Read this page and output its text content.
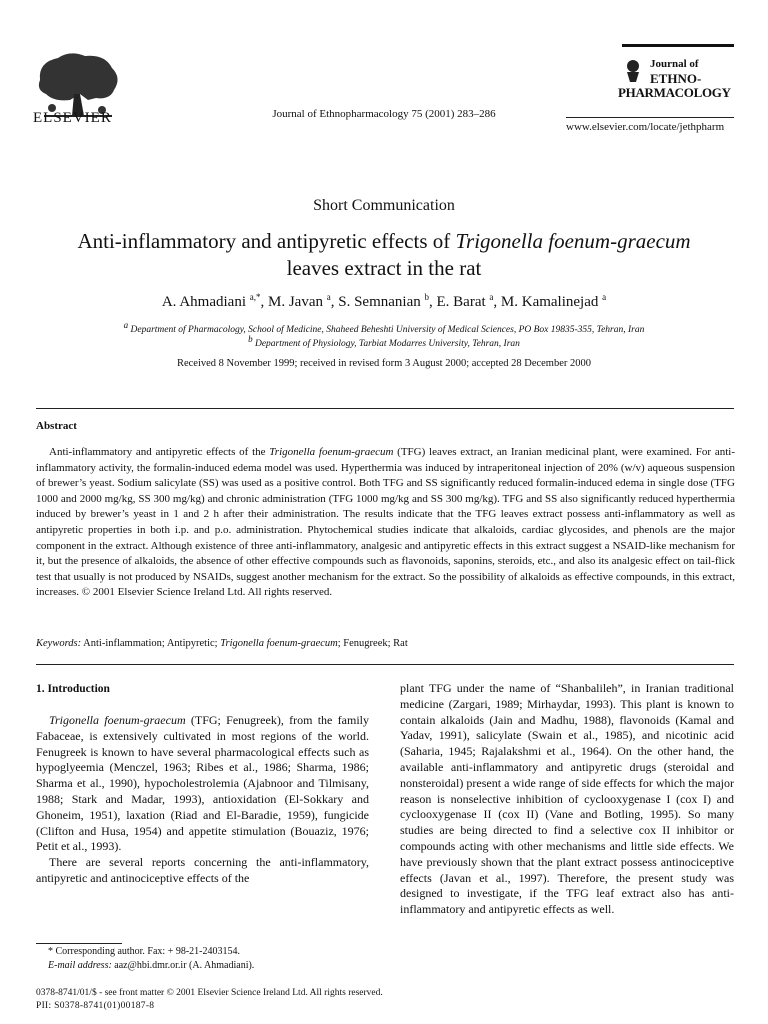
ELSEVIER	Journal of Ethnopharmacology 75 (2001) 283–286
Journal of
ETHNO-
PHARMACOLOGY
www.elsevier.com/locate/jethpharm
Short Communication
Anti-inflammatory and antipyretic effects of Trigonella foenum-graecum leaves extract in the rat
A. Ahmadiani $^{a,*}$, M. Javan $^a$, S. Semnanian $^b$, E. Barat $^a$, M. Kamalinejad $^a$
$^a$ Department of Pharmacology, School of Medicine, Shaheed Beheshti University of Medical Sciences, PO Box 19835-355, Tehran, Iran
$^b$ Department of Physiology, Tarbiat Modarres University, Tehran, Iran
Received 8 November 1999; received in revised form 3 August 2000; accepted 28 December 2000
Abstract
Anti-inflammatory and antipyretic effects of the Trigonella foenum-graecum (TFG) leaves extract, an Iranian medicinal plant, were examined. For anti-inflammatory activity, the formalin-induced edema model was used. Hyperthermia was induced by intraperitoneal injection of 20% (w/v) aqueous suspension of brewer’s yeast. Sodium salicylate (SS) was used as a positive control. Both TFG and SS significantly reduced formalin-induced edema in single dose (TFG 1000 and 2000 mg/kg, SS 300 mg/kg) and chronic administration (TFG 1000 mg/kg and SS 300 mg/kg). TFG and SS also significantly reduced hyperthermia induced by brewer’s yeast in 1 and 2 h after their administration. The results indicate that the TFG leaves extract possess anti-inflammatory as well as antipyretic properties in both i.p. and p.o. administration. Phytochemical studies indicate that alkaloids, cardiac glycosides, and phenols are the major component in the extract. Although existence of three anti-inflammatory, analgesic and antipyretic effects in this extract suggest a NSAID-like mechanism for it, but the presence of alkaloids, the absence of other effective compounds such as flavonoids, saponins, steroids, etc., and also its analgesic effect on tail-flick test that usually is not produced by NSAIDs, suggest another mechanism for the extract. So the possibility of alkaloids as effective compounds, in this extract, increases. © 2001 Elsevier Science Ireland Ltd. All rights reserved.
Keywords: Anti-inflammation; Antipyretic; Trigonella foenum-graecum; Fenugreek; Rat
1. Introduction

Trigonella foenum-graecum (TFG; Fenugreek), from the family Fabaceae, is extensively cultivated in most regions of the world. Fenugreek is known to have several pharmacological effects such as hypoglyeemia (Menczel, 1963; Ribes et al., 1986; Sharma, 1986; Sharma et al., 1990), hypocholestrolemia (Ajabnoor and Tilmisany, 1988; Stark and Madar, 1993), antioxidation (El-Sokkary and Ghoneim, 1951), laxation (Riad and El-Baradie, 1959), fungicide (Clifton and Husa, 1954) and appetite stimulation (Bouaziz, 1976; Petit et al., 1993).

There are several reports concerning the anti-inflammatory, antipyretic and antinociceptive effects of the

plant TFG under the name of “Shanbalileh”, in Iranian traditional medicine (Zargari, 1989; Mirhaydar, 1993). This plant is known to contain alkaloids (Jain and Madhu, 1988), flavonoids (Kamal and Yadav, 1991), salicylate (Swain et al., 1985), and nicotinic acid (Saharia, 1945; Rajalakshmi et al., 1964). On the other hand, the available anti-inflammatory and antipyretic drugs (steroidal and nonsteroidal) present a wide range of side effects for which the major reason is nonselective inhibition of cyclooxygenase I (cox I) and cyclooxygenase II (cox II) (Vane and Botling, 1995). So many studies are being directed to find a selective cox II inhibitor or compounds acting with other mechanisms and little side effects. We have previously shown that the plant extract possess antinociceptive effects (Javan et al., 1997). Therefore, the present study was designed to investigate, if the TFG leaf extract also has anti-inflammatory and antipyretic effects as well.

* Corresponding author. Fax: + 98-21-2403154.
E-mail address: aaz@hbi.dmr.or.ir (A. Ahmadiani).
0378-8741/01/$ - see front matter © 2001 Elsevier Science Ireland Ltd. All rights reserved.
PII: S0378-8741(01)00187-8
